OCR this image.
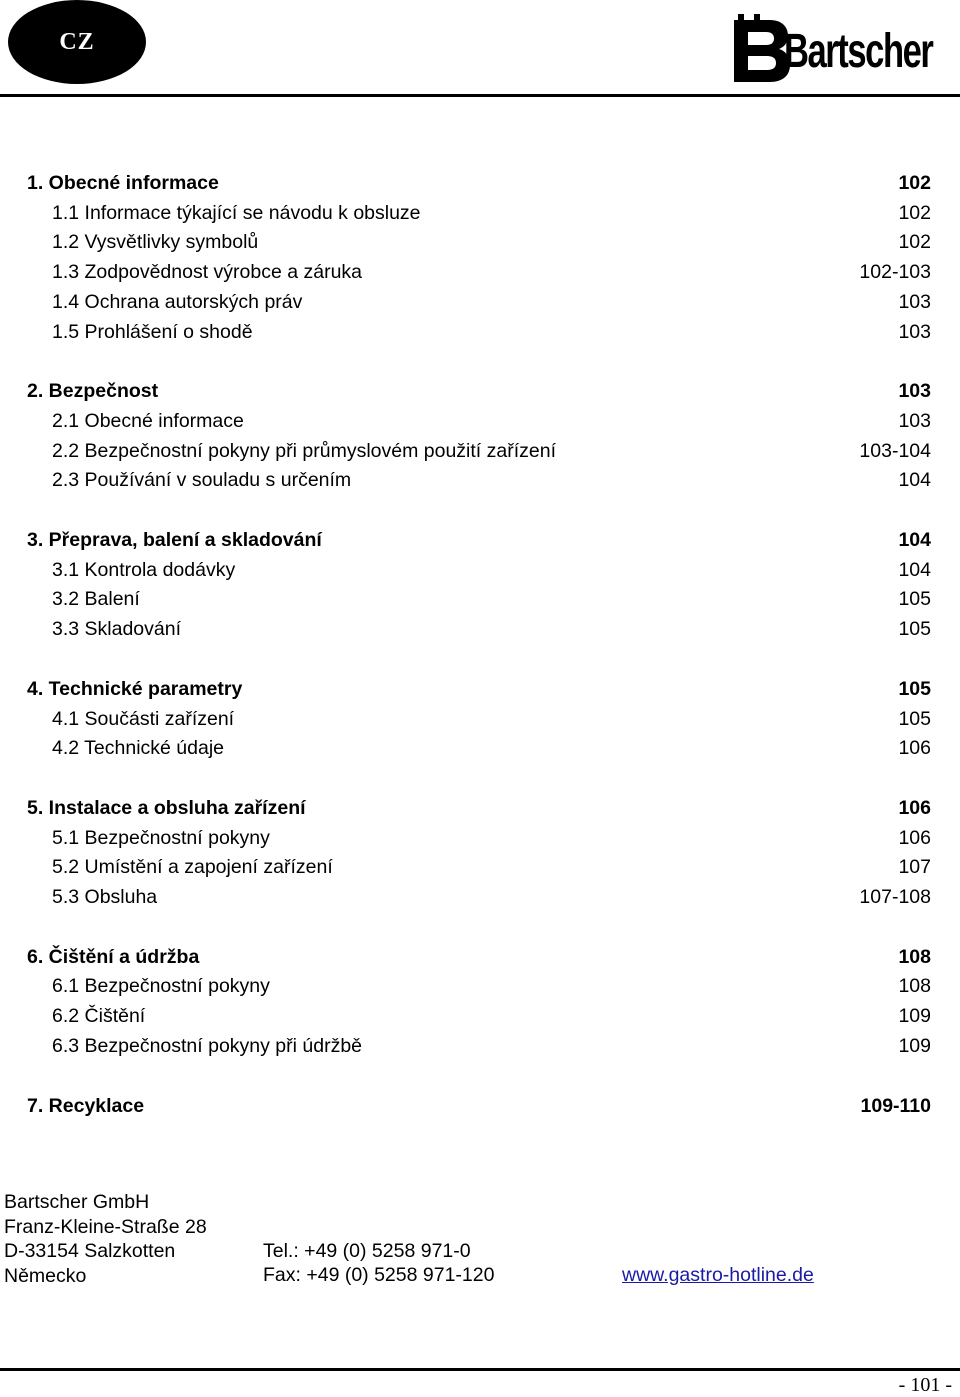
CZ	Bartscher
1. Obecné informace	102
1.1 Informace týkající se návodu k obsluze	102
1.2 Vysvětlivky symbolů	102
1.3 Zodpovědnost výrobce a záruka	102-103
1.4 Ochrana autorských práv	103
1.5 Prohlášení o shodě	103
2. Bezpečnost	103
2.1 Obecné informace	103
2.2 Bezpečnostní pokyny při průmyslovém použití zařízení	103-104
2.3 Používání v souladu s určením	104
3. Přeprava, balení a skladování	104
3.1 Kontrola dodávky	104
3.2 Balení	105
3.3 Skladování	105
4. Technické parametry	105
4.1 Součásti zařízení	105
4.2 Technické údaje	106
5. Instalace a obsluha zařízení	106
5.1 Bezpečnostní pokyny	106
5.2 Umístění a zapojení zařízení	107
5.3 Obsluha	107-108
6. Čištění a údržba	108
6.1 Bezpečnostní pokyny	108
6.2 Čištění	109
6.3 Bezpečnostní pokyny při údržbě	109
7. Recyklace	109-110
Bartscher GmbH
Franz-Kleine-Straße 28
D-33154 Salzkotten
Německo
Tel.: +49 (0) 5258 971-0
Fax: +49 (0) 5258 971-120	www.gastro-hotline.de
- 101 -
